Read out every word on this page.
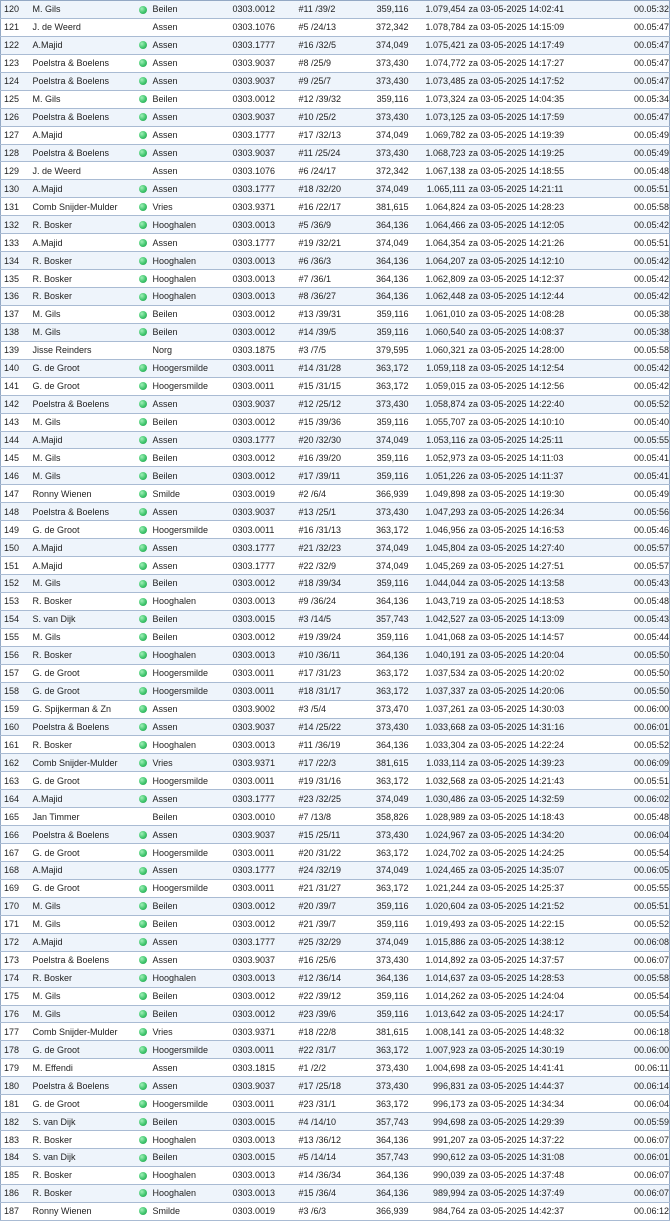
120	M. Gils		Beilen	0303.0012	#11 /39/2	359,116	1.079,454	za 03-05-2025 14:02:41	00.05:32
121	J. de Weerd		Assen	0303.1076	#5 /24/13	372,342	1.078,784	za 03-05-2025 14:15:09	00.05:47
122	A.Majid		Assen	0303.1777	#16 /32/5	374,049	1.075,421	za 03-05-2025 14:17:49	00.05:47
123	Poelstra & Boelens		Assen	0303.9037	#8 /25/9	373,430	1.074,772	za 03-05-2025 14:17:27	00.05:47
124	Poelstra & Boelens		Assen	0303.9037	#9 /25/7	373,430	1.073,485	za 03-05-2025 14:17:52	00.05:47
125	M. Gils		Beilen	0303.0012	#12 /39/32	359,116	1.073,324	za 03-05-2025 14:04:35	00.05:34
126	Poelstra & Boelens		Assen	0303.9037	#10 /25/2	373,430	1.073,125	za 03-05-2025 14:17:59	00.05:47
127	A.Majid		Assen	0303.1777	#17 /32/13	374,049	1.069,782	za 03-05-2025 14:19:39	00.05:49
128	Poelstra & Boelens		Assen	0303.9037	#11 /25/24	373,430	1.068,723	za 03-05-2025 14:19:25	00.05:49
129	J. de Weerd		Assen	0303.1076	#6 /24/17	372,342	1.067,138	za 03-05-2025 14:18:55	00.05:48
130	A.Majid		Assen	0303.1777	#18 /32/20	374,049	1.065,111	za 03-05-2025 14:21:11	00.05:51
131	Comb Snijder-Mulder		Vries	0303.9371	#16 /22/17	381,615	1.064,824	za 03-05-2025 14:28:23	00.05:58
132	R. Bosker		Hooghalen	0303.0013	#5 /36/9	364,136	1.064,466	za 03-05-2025 14:12:05	00.05:42
133	A.Majid		Assen	0303.1777	#19 /32/21	374,049	1.064,354	za 03-05-2025 14:21:26	00.05:51
134	R. Bosker		Hooghalen	0303.0013	#6 /36/3	364,136	1.064,207	za 03-05-2025 14:12:10	00.05:42
135	R. Bosker		Hooghalen	0303.0013	#7 /36/1	364,136	1.062,809	za 03-05-2025 14:12:37	00.05:42
136	R. Bosker		Hooghalen	0303.0013	#8 /36/27	364,136	1.062,448	za 03-05-2025 14:12:44	00.05:42
137	M. Gils		Beilen	0303.0012	#13 /39/31	359,116	1.061,010	za 03-05-2025 14:08:28	00.05:38
138	M. Gils		Beilen	0303.0012	#14 /39/5	359,116	1.060,540	za 03-05-2025 14:08:37	00.05:38
139	Jisse Reinders		Norg	0303.1875	#3 /7/5	379,595	1.060,321	za 03-05-2025 14:28:00	00.05:58
140	G. de Groot		Hoogersmilde	0303.0011	#14 /31/28	363,172	1.059,118	za 03-05-2025 14:12:54	00.05:42
141	G. de Groot		Hoogersmilde	0303.0011	#15 /31/15	363,172	1.059,015	za 03-05-2025 14:12:56	00.05:42
142	Poelstra & Boelens		Assen	0303.9037	#12 /25/12	373,430	1.058,874	za 03-05-2025 14:22:40	00.05:52
143	M. Gils		Beilen	0303.0012	#15 /39/36	359,116	1.055,707	za 03-05-2025 14:10:10	00.05:40
144	A.Majid		Assen	0303.1777	#20 /32/30	374,049	1.053,116	za 03-05-2025 14:25:11	00.05:55
145	M. Gils		Beilen	0303.0012	#16 /39/20	359,116	1.052,973	za 03-05-2025 14:11:03	00.05:41
146	M. Gils		Beilen	0303.0012	#17 /39/11	359,116	1.051,226	za 03-05-2025 14:11:37	00.05:41
147	Ronny Wienen		Smilde	0303.0019	#2 /6/4	366,939	1.049,898	za 03-05-2025 14:19:30	00.05:49
148	Poelstra & Boelens		Assen	0303.9037	#13 /25/1	373,430	1.047,293	za 03-05-2025 14:26:34	00.05:56
149	G. de Groot		Hoogersmilde	0303.0011	#16 /31/13	363,172	1.046,956	za 03-05-2025 14:16:53	00.05:46
150	A.Majid		Assen	0303.1777	#21 /32/23	374,049	1.045,804	za 03-05-2025 14:27:40	00.05:57
151	A.Majid		Assen	0303.1777	#22 /32/9	374,049	1.045,269	za 03-05-2025 14:27:51	00.05:57
152	M. Gils		Beilen	0303.0012	#18 /39/34	359,116	1.044,044	za 03-05-2025 14:13:58	00.05:43
153	R. Bosker		Hooghalen	0303.0013	#9 /36/24	364,136	1.043,719	za 03-05-2025 14:18:53	00.05:48
154	S. van Dijk		Beilen	0303.0015	#3 /14/5	357,743	1.042,527	za 03-05-2025 14:13:09	00.05:43
155	M. Gils		Beilen	0303.0012	#19 /39/24	359,116	1.041,068	za 03-05-2025 14:14:57	00.05:44
156	R. Bosker		Hooghalen	0303.0013	#10 /36/11	364,136	1.040,191	za 03-05-2025 14:20:04	00.05:50
157	G. de Groot		Hoogersmilde	0303.0011	#17 /31/23	363,172	1.037,534	za 03-05-2025 14:20:02	00.05:50
158	G. de Groot		Hoogersmilde	0303.0011	#18 /31/17	363,172	1.037,337	za 03-05-2025 14:20:06	00.05:50
159	G. Spijkerman & Zn		Assen	0303.9002	#3 /5/4	373,470	1.037,261	za 03-05-2025 14:30:03	00.06:00
160	Poelstra & Boelens		Assen	0303.9037	#14 /25/22	373,430	1.033,668	za 03-05-2025 14:31:16	00.06:01
161	R. Bosker		Hooghalen	0303.0013	#11 /36/19	364,136	1.033,304	za 03-05-2025 14:22:24	00.05:52
162	Comb Snijder-Mulder		Vries	0303.9371	#17 /22/3	381,615	1.033,114	za 03-05-2025 14:39:23	00.06:09
163	G. de Groot		Hoogersmilde	0303.0011	#19 /31/16	363,172	1.032,568	za 03-05-2025 14:21:43	00.05:51
164	A.Majid		Assen	0303.1777	#23 /32/25	374,049	1.030,486	za 03-05-2025 14:32:59	00.06:02
165	Jan Timmer		Beilen	0303.0010	#7 /13/8	358,826	1.028,989	za 03-05-2025 14:18:43	00.05:48
166	Poelstra & Boelens		Assen	0303.9037	#15 /25/11	373,430	1.024,967	za 03-05-2025 14:34:20	00.06:04
167	G. de Groot		Hoogersmilde	0303.0011	#20 /31/22	363,172	1.024,702	za 03-05-2025 14:24:25	00.05:54
168	A.Majid		Assen	0303.1777	#24 /32/19	374,049	1.024,465	za 03-05-2025 14:35:07	00.06:05
169	G. de Groot		Hoogersmilde	0303.0011	#21 /31/27	363,172	1.021,244	za 03-05-2025 14:25:37	00.05:55
170	M. Gils		Beilen	0303.0012	#20 /39/7	359,116	1.020,604	za 03-05-2025 14:21:52	00.05:51
171	M. Gils		Beilen	0303.0012	#21 /39/7	359,116	1.019,493	za 03-05-2025 14:22:15	00.05:52
172	A.Majid		Assen	0303.1777	#25 /32/29	374,049	1.015,886	za 03-05-2025 14:38:12	00.06:08
173	Poelstra & Boelens		Assen	0303.9037	#16 /25/6	373,430	1.014,892	za 03-05-2025 14:37:57	00.06:07
174	R. Bosker		Hooghalen	0303.0013	#12 /36/14	364,136	1.014,637	za 03-05-2025 14:28:53	00.05:58
175	M. Gils		Beilen	0303.0012	#22 /39/12	359,116	1.014,262	za 03-05-2025 14:24:04	00.05:54
176	M. Gils		Beilen	0303.0012	#23 /39/6	359,116	1.013,642	za 03-05-2025 14:24:17	00.05:54
177	Comb Snijder-Mulder		Vries	0303.9371	#18 /22/8	381,615	1.008,141	za 03-05-2025 14:48:32	00.06:18
178	G. de Groot		Hoogersmilde	0303.0011	#22 /31/7	363,172	1.007,923	za 03-05-2025 14:30:19	00.06:00
179	M. Effendi		Assen	0303.1815	#1 /2/2	373,430	1.004,698	za 03-05-2025 14:41:41	00.06:11
180	Poelstra & Boelens		Assen	0303.9037	#17 /25/18	373,430	996,831	za 03-05-2025 14:44:37	00.06:14
181	G. de Groot		Hoogersmilde	0303.0011	#23 /31/1	363,172	996,173	za 03-05-2025 14:34:34	00.06:04
182	S. van Dijk		Beilen	0303.0015	#4 /14/10	357,743	994,698	za 03-05-2025 14:29:39	00.05:59
183	R. Bosker		Hooghalen	0303.0013	#13 /36/12	364,136	991,207	za 03-05-2025 14:37:22	00.06:07
184	S. van Dijk		Beilen	0303.0015	#5 /14/14	357,743	990,612	za 03-05-2025 14:31:08	00.06:01
185	R. Bosker		Hooghalen	0303.0013	#14 /36/34	364,136	990,039	za 03-05-2025 14:37:48	00.06:07
186	R. Bosker		Hooghalen	0303.0013	#15 /36/4	364,136	989,994	za 03-05-2025 14:37:49	00.06:07
187	Ronny Wienen		Smilde	0303.0019	#3 /6/3	366,939	984,764	za 03-05-2025 14:42:37	00.06:12
